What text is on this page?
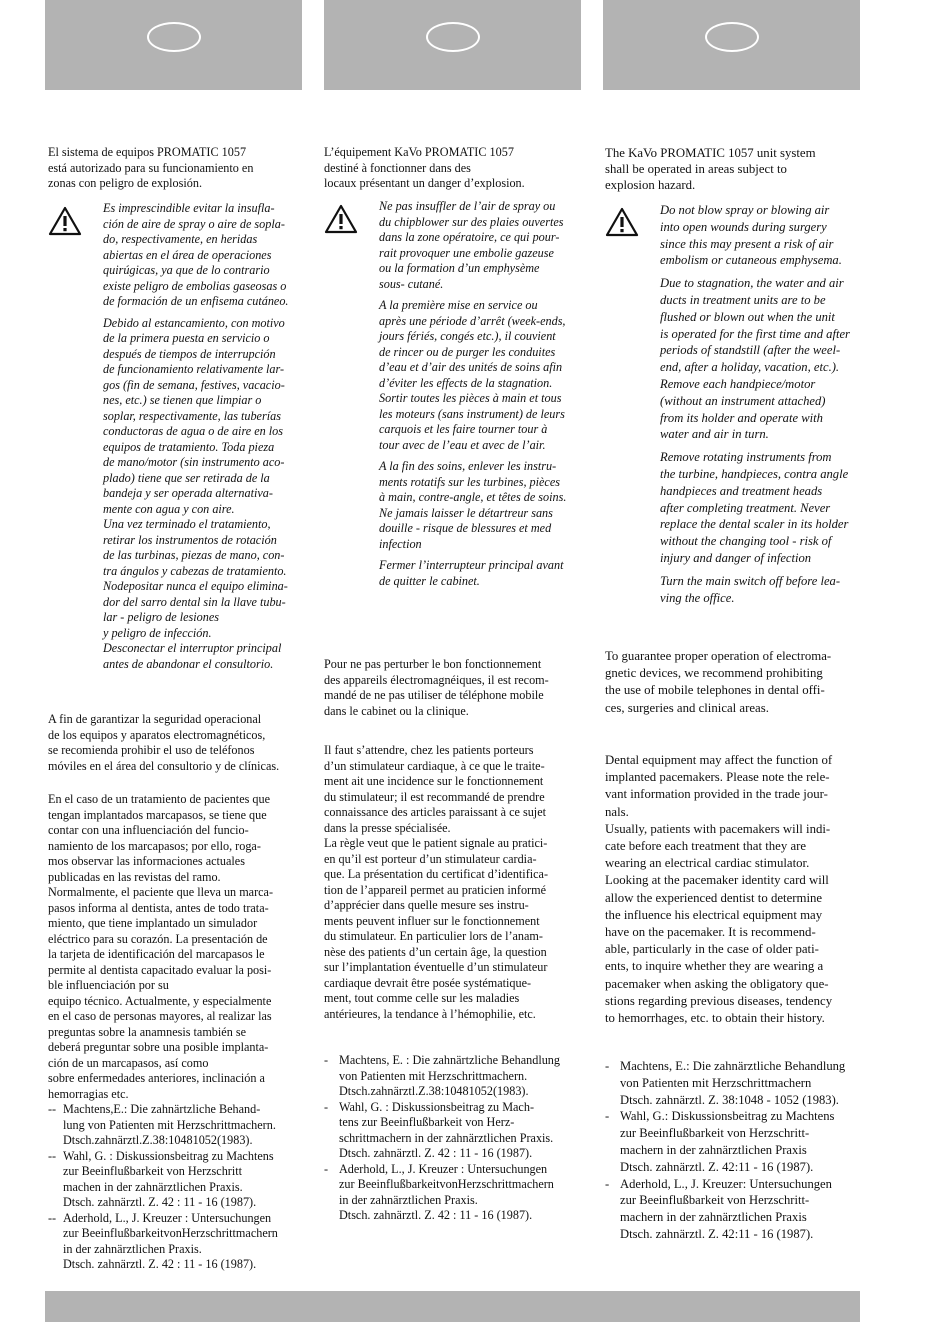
El sistema de equipos PROMATIC 1057
está autorizado para su funcionamiento en
zonas con peligro de explosión.

Es imprescindible evitar la insufla-
ción de aire de spray o aire de sopla-
do, respectivamente, en heridas
abiertas en el área de operaciones
quirúgicas, ya que de lo contrario
existe peligro de embolias gaseosas o
de formación de un enfisema cutáneo.

Debido al estancamiento, con motivo
de la primera puesta en servicio o
después de tiempos de interrupción
de funcionamiento relativamente lar-
gos (fin de semana, festives, vacacio-
nes, etc.) se tienen que limpiar o
soplar, respectivamente, las tuberías
conductoras de agua o de aire en los
equipos de tratamiento. Toda pieza
de mano/motor (sin instrumento aco-
plado) tiene que ser retirada de la
bandeja y ser operada alternativa-
mente con agua y con aire.
Una vez terminado el tratamiento,
retirar los instrumentos de rotación
de las turbinas, piezas de mano, con-
tra ángulos y cabezas de tratamiento.
Nodepositar nunca el equipo elimina-
dor del sarro dental sin la llave tubu-
lar - peligro de lesiones
y peligro de infección.
Desconectar el interruptor principal
antes de abandonar el consultorio.

A fin de garantizar la seguridad operacional
de los equipos y aparatos electromagnéticos,
se recomienda prohibir el uso de teléfonos
móviles en el área del consultorio y de clínicas.

En el caso de un tratamiento de pacientes que
tengan implantados marcapasos, se tiene que
contar con una influenciación del funcio-
namiento de los marcapasos; por ello, roga-
mos observar las informaciones actuales
publicadas en las revistas del ramo.
Normalmente, el paciente que lleva un marca-
pasos informa al dentista, antes de todo trata-
miento, que tiene implantado un simulador
eléctrico para su corazón. La presentación de
la tarjeta de identificación del marcapasos le
permite al dentista capacitado evaluar la posi-
ble influenciación por su
equipo técnico. Actualmente, y especialmente
en el caso de personas mayores, al realizar las
preguntas sobre la anamnesis también se
deberá preguntar sobre una posible implanta-
ción de un marcapasos, así como
sobre enfermedades anteriores, inclinación a
hemorragias etc.

-- Machtens,E.: Die zahnärtzliche Behand-
lung von Patienten mit Herzschrittmachern.
Dtsch.zahnärztl.Z.38:10481052(1983).
-- Wahl, G. : Diskussionsbeitrag zu Machtens
zur Beeinflußbarkeit von Herzschritt
machen in der zahnärztlichen Praxis.
Dtsch. zahnärztl. Z. 42 : 11 - 16 (1987).
-- Aderhold, L., J. Kreuzer : Untersuchungen
zur BeeinflußbarkeitvonHerzschrittmachern
in der zahnärztlichen Praxis.
Dtsch. zahnärztl. Z. 42 : 11 - 16 (1987).

L’équipement KaVo PROMATIC 1057
destiné à fonctionner dans des
locaux présentant un danger d’explosion.

Ne pas insuffler de l’air de spray ou
du chipblower sur des plaies ouvertes
dans la zone opératoire, ce qui pour-
rait provoquer une embolie gazeuse
ou la formation d’un emphysème
sous- cutané.

A la première mise en service ou
après une période d’arrêt (week-ends,
jours fériés, congés etc.), il couvient
de rincer ou de purger les conduites
d’eau et d’air des unités de soins afin
d’éviter les effects de la stagnation.
Sortir toutes les pièces à main et tous
les moteurs (sans instrument) de leurs
carquois et les faire tourner tour à
tour avec de l’eau et avec de l’air.

A la fin des soins, enlever les instru-
ments rotatifs sur les turbines, pièces
à main, contre-angle, et têtes de soins.
Ne jamais laisser le détartreur sans
douille - risque de blessures et med
infection

Fermer l’interrupteur principal avant
de quitter le cabinet.

Pour ne pas perturber le bon fonctionnement
des appareils électromagnéiques, il est recom-
mandé de ne pas utiliser de téléphone mobile
dans le cabinet ou la clinique.

Il faut s’attendre, chez les patients porteurs
d’un stimulateur cardiaque, à ce que le traite-
ment ait une incidence sur le fonctionnement
du stimulateur; il est recommandé de prendre
connaissance des articles paraissant à ce sujet
dans la presse spécialisée.
La règle veut que le patient signale au pratici-
en qu’il est porteur d’un stimulateur cardia-
que. La présentation du certificat d’identifica-
tion de l’appareil permet au praticien informé
d’apprécier dans quelle mesure ses instru-
ments peuvent influer sur le fonctionnement
du stimulateur. En particulier lors de l’anam-
nèse des patients d’un certain âge, la question
sur l’implantation éventuelle d’un stimulateur
cardiaque devrait être posée systématique-
ment, tout comme celle sur les maladies
antérieures, la tendance à l’hémophilie, etc.

- Machtens, E. : Die zahnärtzliche Behandlung
von Patienten mit Herzschrittmachern.
Dtsch.zahnärztl.Z.38:10481052(1983).
- Wahl, G. : Diskussionsbeitrag zu Mach-
tens zur Beeinflußbarkeit von Herz-
schrittmachern in der zahnärztlichen Praxis.
Dtsch. zahnärztl. Z. 42 : 11 - 16 (1987).
- Aderhold, L., J. Kreuzer : Untersuchungen
zur BeeinflußbarkeitvonHerzschrittmachern
in der zahnärztlichen Praxis.
Dtsch. zahnärztl. Z. 42 : 11 - 16 (1987).

The KaVo PROMATIC 1057 unit system
shall be operated in areas subject to
explosion hazard.

Do not blow spray or blowing air
into open wounds during surgery
since this may present a risk of air
embolism or cutaneous emphysema.

Due to stagnation, the water and air
ducts in treatment units are to be
flushed or blown out when the unit
is operated for the first time and after
periods of standstill (after the weel-
end, after a holiday, vacation, etc.).
Remove each handpiece/motor
(without an instrument attached)
from its holder and operate with
water and air in turn.

Remove rotating instruments from
the turbine, handpieces, contra angle
handpieces and treatment heads
after completing treatment. Never
replace the dental scaler in its holder
without the changing tool - risk of
injury and danger of infection

Turn the main switch off before lea-
ving the office.

To guarantee proper operation of electroma-
gnetic devices, we recommend prohibiting
the use of mobile telephones in dental offi-
ces, surgeries and clinical areas.

Dental equipment may affect the function of
implanted pacemakers. Please note the rele-
vant information provided in the trade jour-
nals.
Usually, patients with pacemakers will indi-
cate before each treatment that they are
wearing an electrical cardiac stimulator.
Looking at the pacemaker identity card will
allow the experienced dentist to determine
the influence his electrical equipment may
have on the pacemaker. It is recommend-
able, particularly in the case of older pati-
ents, to inquire whether they are wearing a
pacemaker when asking the obligatory que-
stions regarding previous diseases, tendency
to hemorrhages, etc. to obtain their history.

- Machtens, E.: Die zahnärztliche Behandlung
von Patienten mit Herzschrittmachern
Dtsch. zahnärztl. Z. 38:1048 - 1052 (1983).
- Wahl, G.: Diskussionsbeitrag zu Machtens
zur Beeinflußbarkeit von Herzschritt-
machern in der zahnärztlichen Praxis
Dtsch. zahnärztl. Z. 42:11 - 16 (1987).
- Aderhold, L., J. Kreuzer: Untersuchungen
zur Beeinflußbarkeit von Herzschritt-
machern in der zahnärztlichen Praxis
Dtsch. zahnärztl. Z. 42:11 - 16 (1987).
